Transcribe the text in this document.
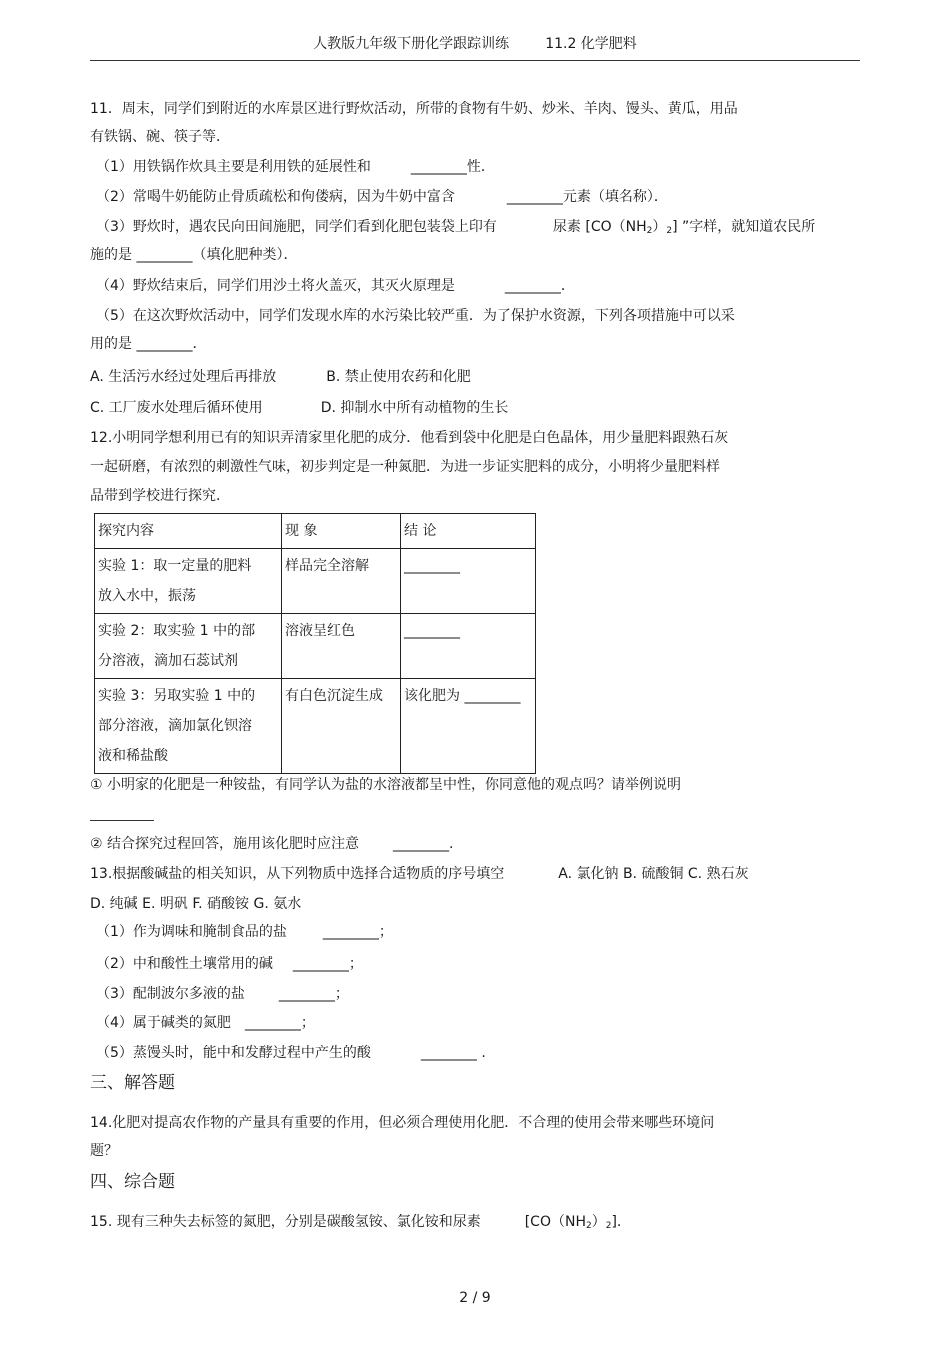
人教版九年级下册化学跟踪训练	11.2 化学肥料
11．周末，同学们到附近的水库景区进行野炊活动，所带的食物有牛奶、炒米、羊肉、馒头、黄瓜，用品
有铁锅、碗、筷子等．
（1）用铁锅作炊具主要是利用铁的延展性和	________性．
（2）常喝牛奶能防止骨质疏松和佝偻病，因为牛奶中富含	________元素（填名称）．
（3）野炊时，遇农民向田间施肥，同学们看到化肥包装袋上印有	尿素 $[CO(NH_2)_2]$ ”字样，就知道农民所
施的是 ________（填化肥种类）．
（4）野炊结束后，同学们用沙土将火盖灭，其灭火原理是	________．
（5）在这次野炊活动中，同学们发现水库的水污染比较严重．为了保护水资源，下列各项措施中可以采
用的是 ________．
A. 生活污水经过处理后再排放	B. 禁止使用农药和化肥
C. 工厂废水处理后循环使用	D. 抑制水中所有动植物的生长
12.小明同学想利用已有的知识弄清家里化肥的成分．他看到袋中化肥是白色晶体，用少量肥料跟熟石灰
一起研磨，有浓烈的刺激性气味，初步判定是一种氮肥．为进一步证实肥料的成分，小明将少量肥料样
品带到学校进行探究．
探究内容	现 象	结 论

实验 1：取一定量的肥料
放入水中，振荡	样品完全溶解	________

实验 2：取实验 1 中的部
分溶液，滴加石蕊试剂	溶液呈红色	________

实验 3：另取实验 1 中的
部分溶液，滴加氯化钡溶
液和稀盐酸	有白色沉淀生成	该化肥为 ________
① 小明家的化肥是一种铵盐，有同学认为盐的水溶液都呈中性，你同意他的观点吗？请举例说明
② 结合探究过程回答，施用该化肥时应注意 ________.
13.根据酸碱盐的相关知识，从下列物质中选择合适物质的序号填空	A. 氯化钠 B. 硫酸铜 C. 熟石灰
D. 纯碱 E. 明矾 F. 硝酸铵 G. 氨水
（1）作为调味和腌制食品的盐	________；
（2）中和酸性土壤常用的碱 ________；
（3）配制波尔多液的盐 ________；
（4）属于碱类的氮肥 ________；
（5）蒸馒头时，能中和发酵过程中产生的酸	________ .
三、解答题
14.化肥对提高农作物的产量具有重要的作用，但必须合理使用化肥．不合理的使用会带来哪些环境问
题？
四、综合题
15. 现有三种失去标签的氮肥，分别是碳酸氢铵、氯化铵和尿素	$[CO(NH_2)_2]$.
2 / 9
